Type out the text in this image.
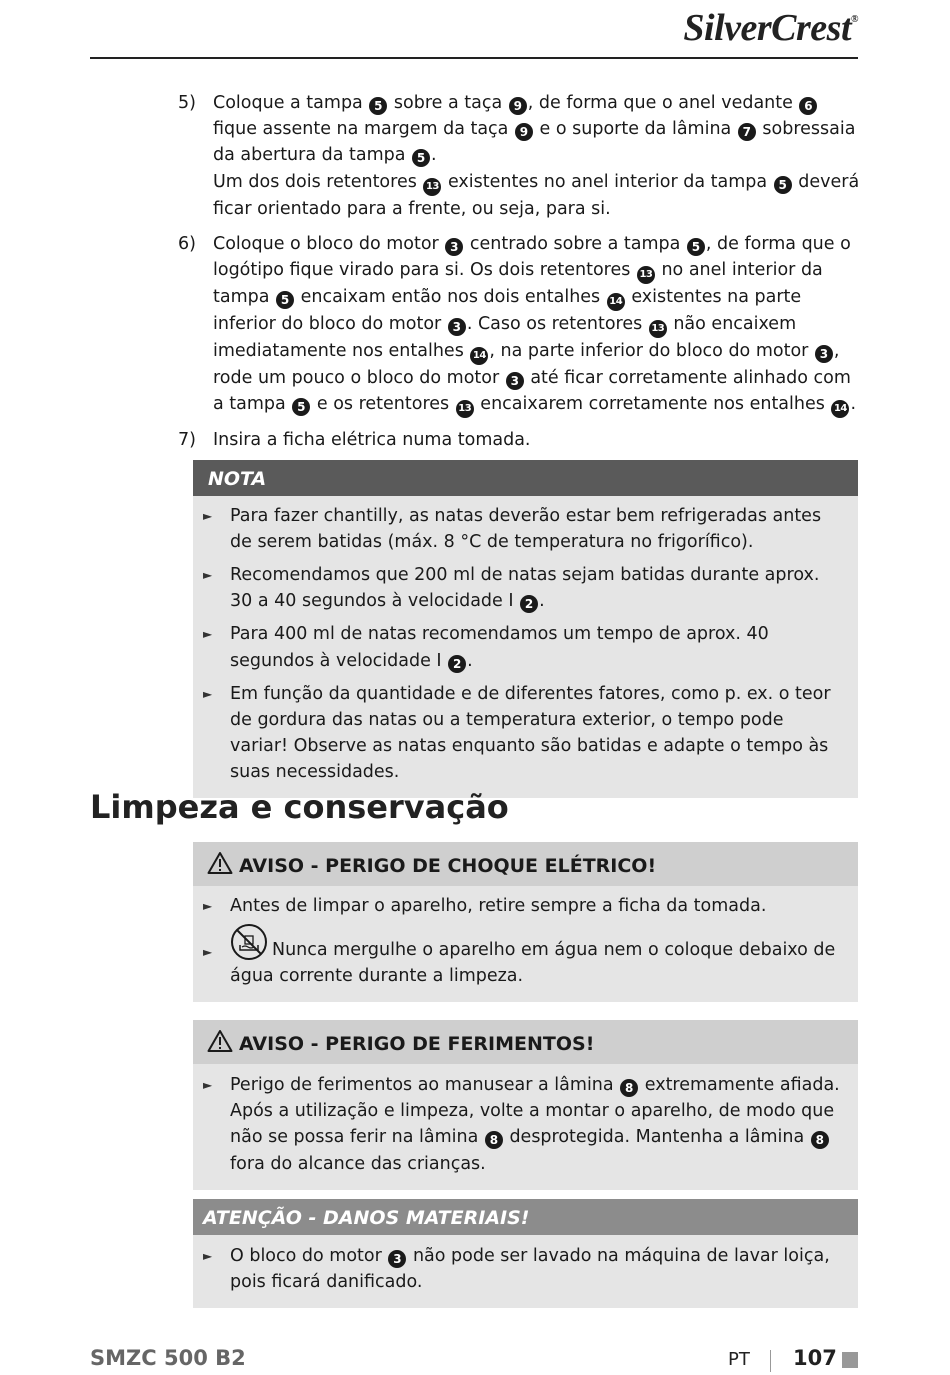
SilverCrest®
5) Coloque a tampa 5 sobre a taça 9 , de forma que o anel vedante 6 fique assente na margem da taça 9 e o suporte da lâmina 7 sobressaia da abertura da tampa 5 .
Um dos dois retentores 13 existentes no anel interior da tampa 5 deverá ficar orientado para a frente, ou seja, para si.
6) Coloque o bloco do motor 3 centrado sobre a tampa 5 , de forma que o logótipo fique virado para si. Os dois retentores 13 no anel interior da tampa 5 encaixam então nos dois entalhes 14 existentes na parte inferior do bloco do motor 3 . Caso os retentores 13 não encaixem imediatamente nos entalhes 14 , na parte inferior do bloco do motor 3 , rode um pouco o bloco do motor 3 até ficar corretamente alinhado com a tampa 5 e os retentores 13 encaixarem corretamente nos entalhes 14 .
7) Insira a ficha elétrica numa tomada.
NOTA
►	Para fazer chantilly, as natas deverão estar bem refrigeradas antes de serem batidas (máx. 8 °C de temperatura no frigorífico).
►	Recomendamos que 200 ml de natas sejam batidas durante aprox. 30 a 40 segundos à velocidade I 2 .
►	Para 400 ml de natas recomendamos um tempo de aprox. 40 segundos à velocidade I 2 .
►	Em função da quantidade e de diferentes fatores, como p. ex. o teor de gordura das natas ou a temperatura exterior, o tempo pode variar! Observe as natas enquanto são batidas e adapte o tempo às suas necessidades.
Limpeza e conservação
AVISO - PERIGO DE CHOQUE ELÉTRICO!
►	Antes de limpar o aparelho, retire sempre a ficha da tomada.
►	Nunca mergulhe o aparelho em água nem o coloque debaixo de água corrente durante a limpeza.
AVISO - PERIGO DE FERIMENTOS!
►	Perigo de ferimentos ao manusear a lâmina 8 extremamente afiada. Após a utilização e limpeza, volte a montar o aparelho, de modo que não se possa ferir na lâmina 8 desprotegida. Mantenha a lâmina 8 fora do alcance das crianças.
ATENÇÃO - DANOS MATERIAIS!
►	O bloco do motor 3 não pode ser lavado na máquina de lavar loiça, pois ficará danificado.
SMZC 500 B2	PT 107
